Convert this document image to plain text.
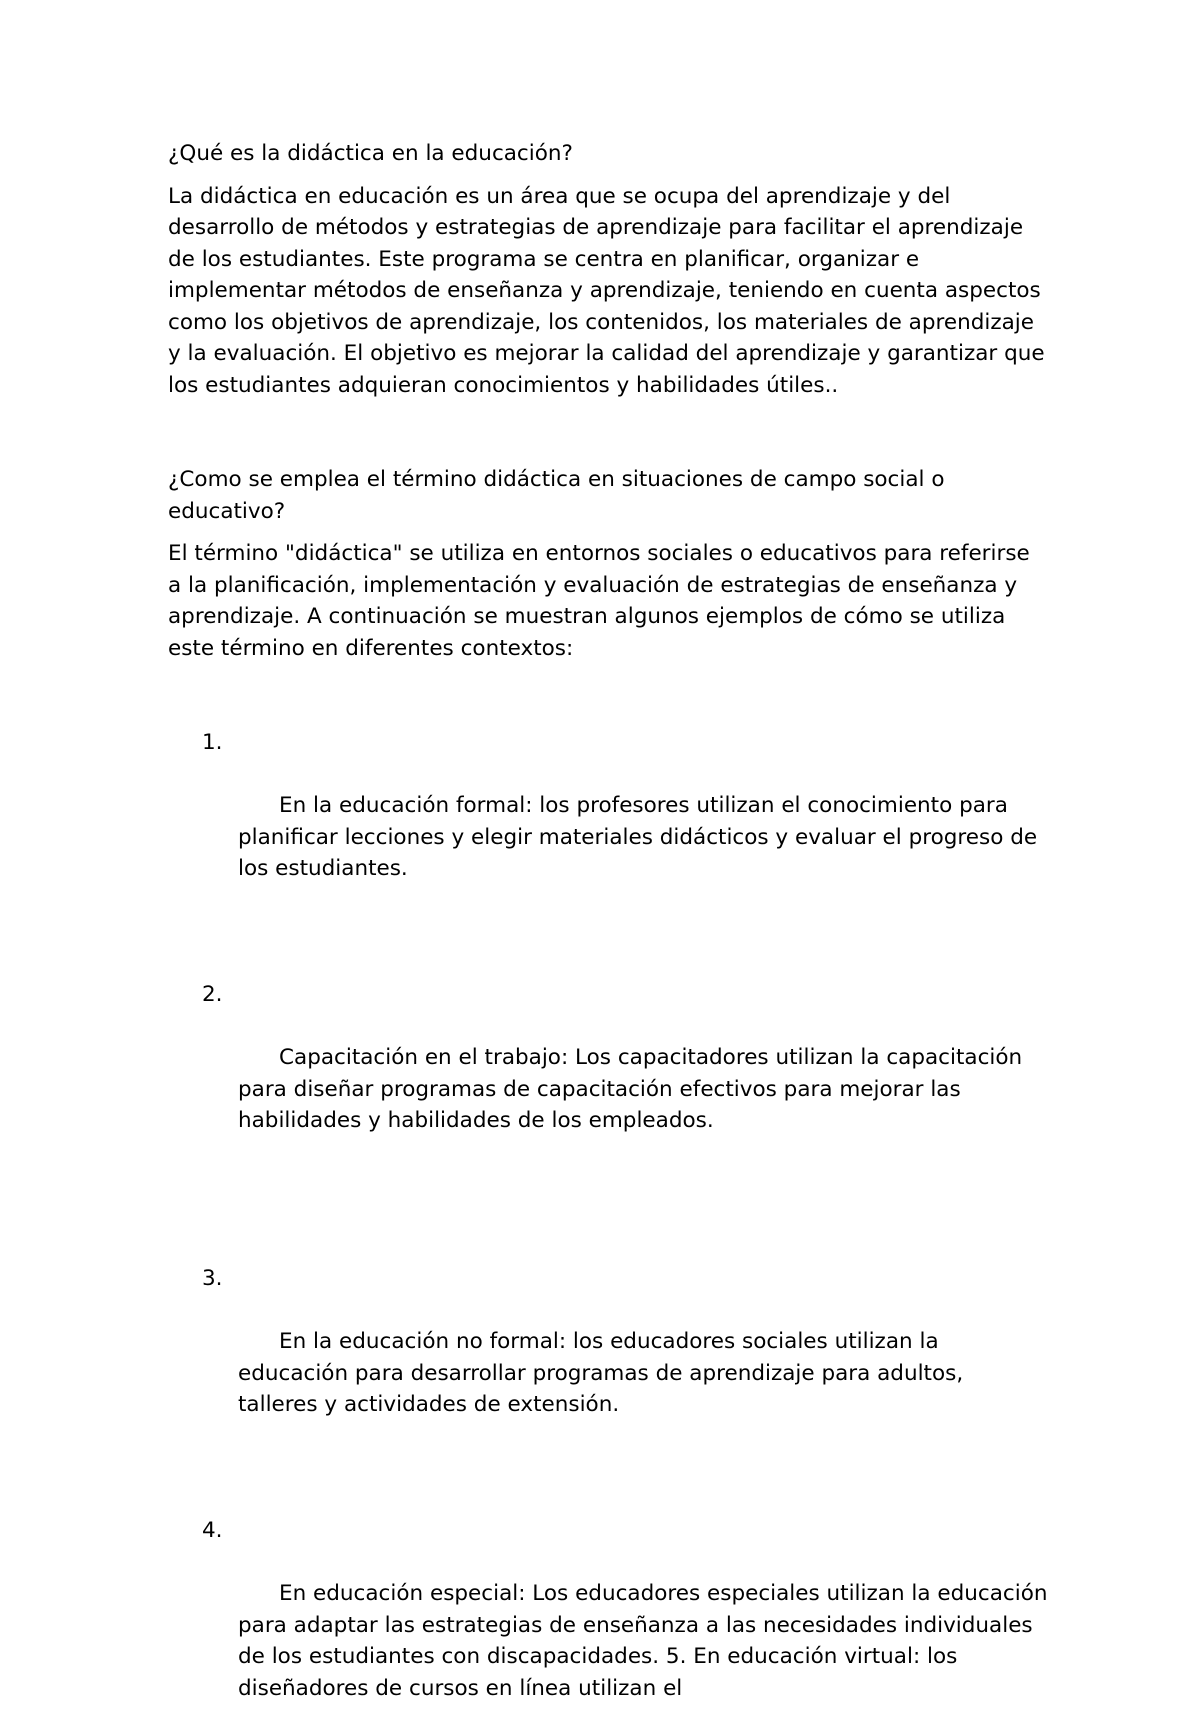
¿Qué es la didáctica en la educación?

La didáctica en educación es un área que se ocupa del aprendizaje y del desarrollo de métodos y estrategias de aprendizaje para facilitar el aprendizaje de los estudiantes. Este programa se centra en planificar, organizar e implementar métodos de enseñanza y aprendizaje, teniendo en cuenta aspectos como los objetivos de aprendizaje, los contenidos, los materiales de aprendizaje y la evaluación. El objetivo es mejorar la calidad del aprendizaje y garantizar que los estudiantes adquieran conocimientos y habilidades útiles..

¿Como se emplea el término didáctica en situaciones de campo social o educativo?

El término "didáctica" se utiliza en entornos sociales o educativos para referirse a la planificación, implementación y evaluación de estrategias de enseñanza y aprendizaje. A continuación se muestran algunos ejemplos de cómo se utiliza este término en diferentes contextos:

1.

En la educación formal: los profesores utilizan el conocimiento para planificar lecciones y elegir materiales didácticos y evaluar el progreso de los estudiantes.

2.

Capacitación en el trabajo: Los capacitadores utilizan la capacitación para diseñar programas de capacitación efectivos para mejorar las habilidades y habilidades de los empleados.

3.

En la educación no formal: los educadores sociales utilizan la educación para desarrollar programas de aprendizaje para adultos, talleres y actividades de extensión.

4.

En educación especial: Los educadores especiales utilizan la educación para adaptar las estrategias de enseñanza a las necesidades individuales de los estudiantes con discapacidades. 5. En educación virtual: los diseñadores de cursos en línea utilizan el
